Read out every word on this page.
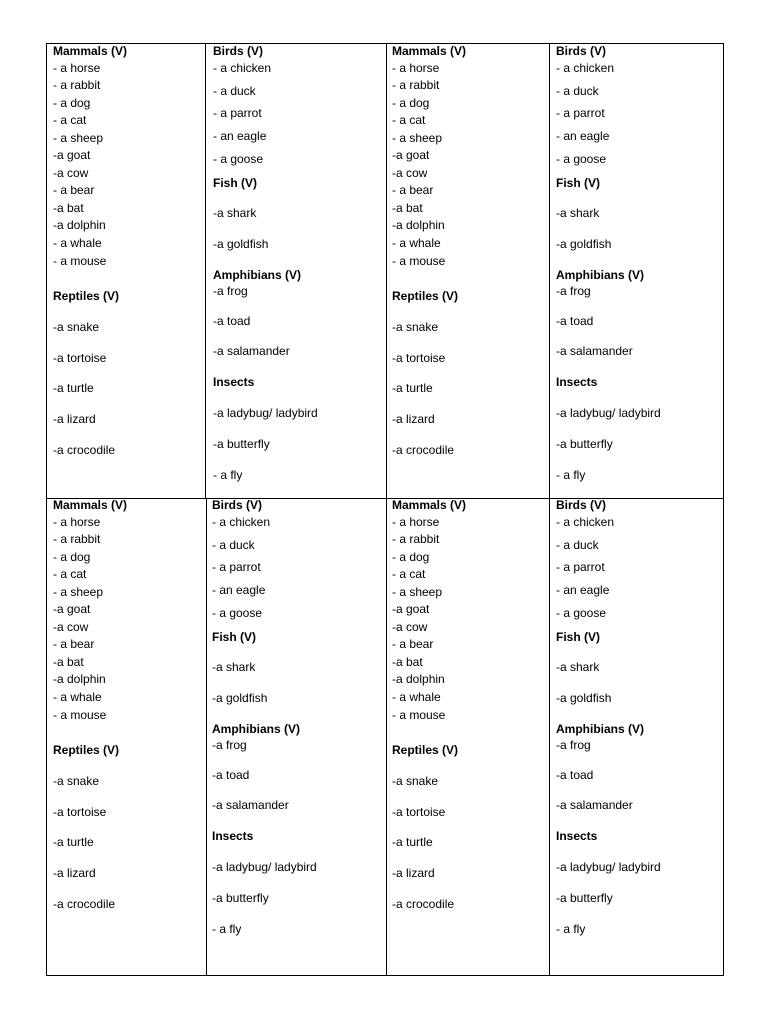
Mammals (V)
- a horse
- a rabbit
- a dog
- a cat
- a sheep
-a goat
-a cow
- a bear
-a bat
-a dolphin
- a whale
- a mouse
Reptiles (V)
-a snake
-a tortoise
-a turtle
-a lizard
-a crocodile
Birds (V)
- a chicken
- a duck
- a parrot
- an eagle
- a goose
Fish (V)
-a shark
-a goldfish
Amphibians (V)
-a frog
-a toad
-a salamander
Insects
-a ladybug/ ladybird
-a butterfly
- a fly
Mammals (V)
- a horse
- a rabbit
- a dog
- a cat
- a sheep
-a goat
-a cow
- a bear
-a bat
-a dolphin
- a whale
- a mouse
Reptiles (V)
-a snake
-a tortoise
-a turtle
-a lizard
-a crocodile
Birds (V)
- a chicken
- a duck
- a parrot
- an eagle
- a goose
Fish (V)
-a shark
-a goldfish
Amphibians (V)
-a frog
-a toad
-a salamander
Insects
-a ladybug/ ladybird
-a butterfly
- a fly
Mammals (V)
- a horse
- a rabbit
- a dog
- a cat
- a sheep
-a goat
-a cow
- a bear
-a bat
-a dolphin
- a whale
- a mouse
Reptiles (V)
-a snake
-a tortoise
-a turtle
-a lizard
-a crocodile
Birds (V)
- a chicken
- a duck
- a parrot
- an eagle
- a goose
Fish (V)
-a shark
-a goldfish
Amphibians (V)
-a frog
-a toad
-a salamander
Insects
-a ladybug/ ladybird
-a butterfly
- a fly
Mammals (V)
- a horse
- a rabbit
- a dog
- a cat
- a sheep
-a goat
-a cow
- a bear
-a bat
-a dolphin
- a whale
- a mouse
Reptiles (V)
-a snake
-a tortoise
-a turtle
-a lizard
-a crocodile
Birds (V)
- a chicken
- a duck
- a parrot
- an eagle
- a goose
Fish (V)
-a shark
-a goldfish
Amphibians (V)
-a frog
-a toad
-a salamander
Insects
-a ladybug/ ladybird
-a butterfly
- a fly
